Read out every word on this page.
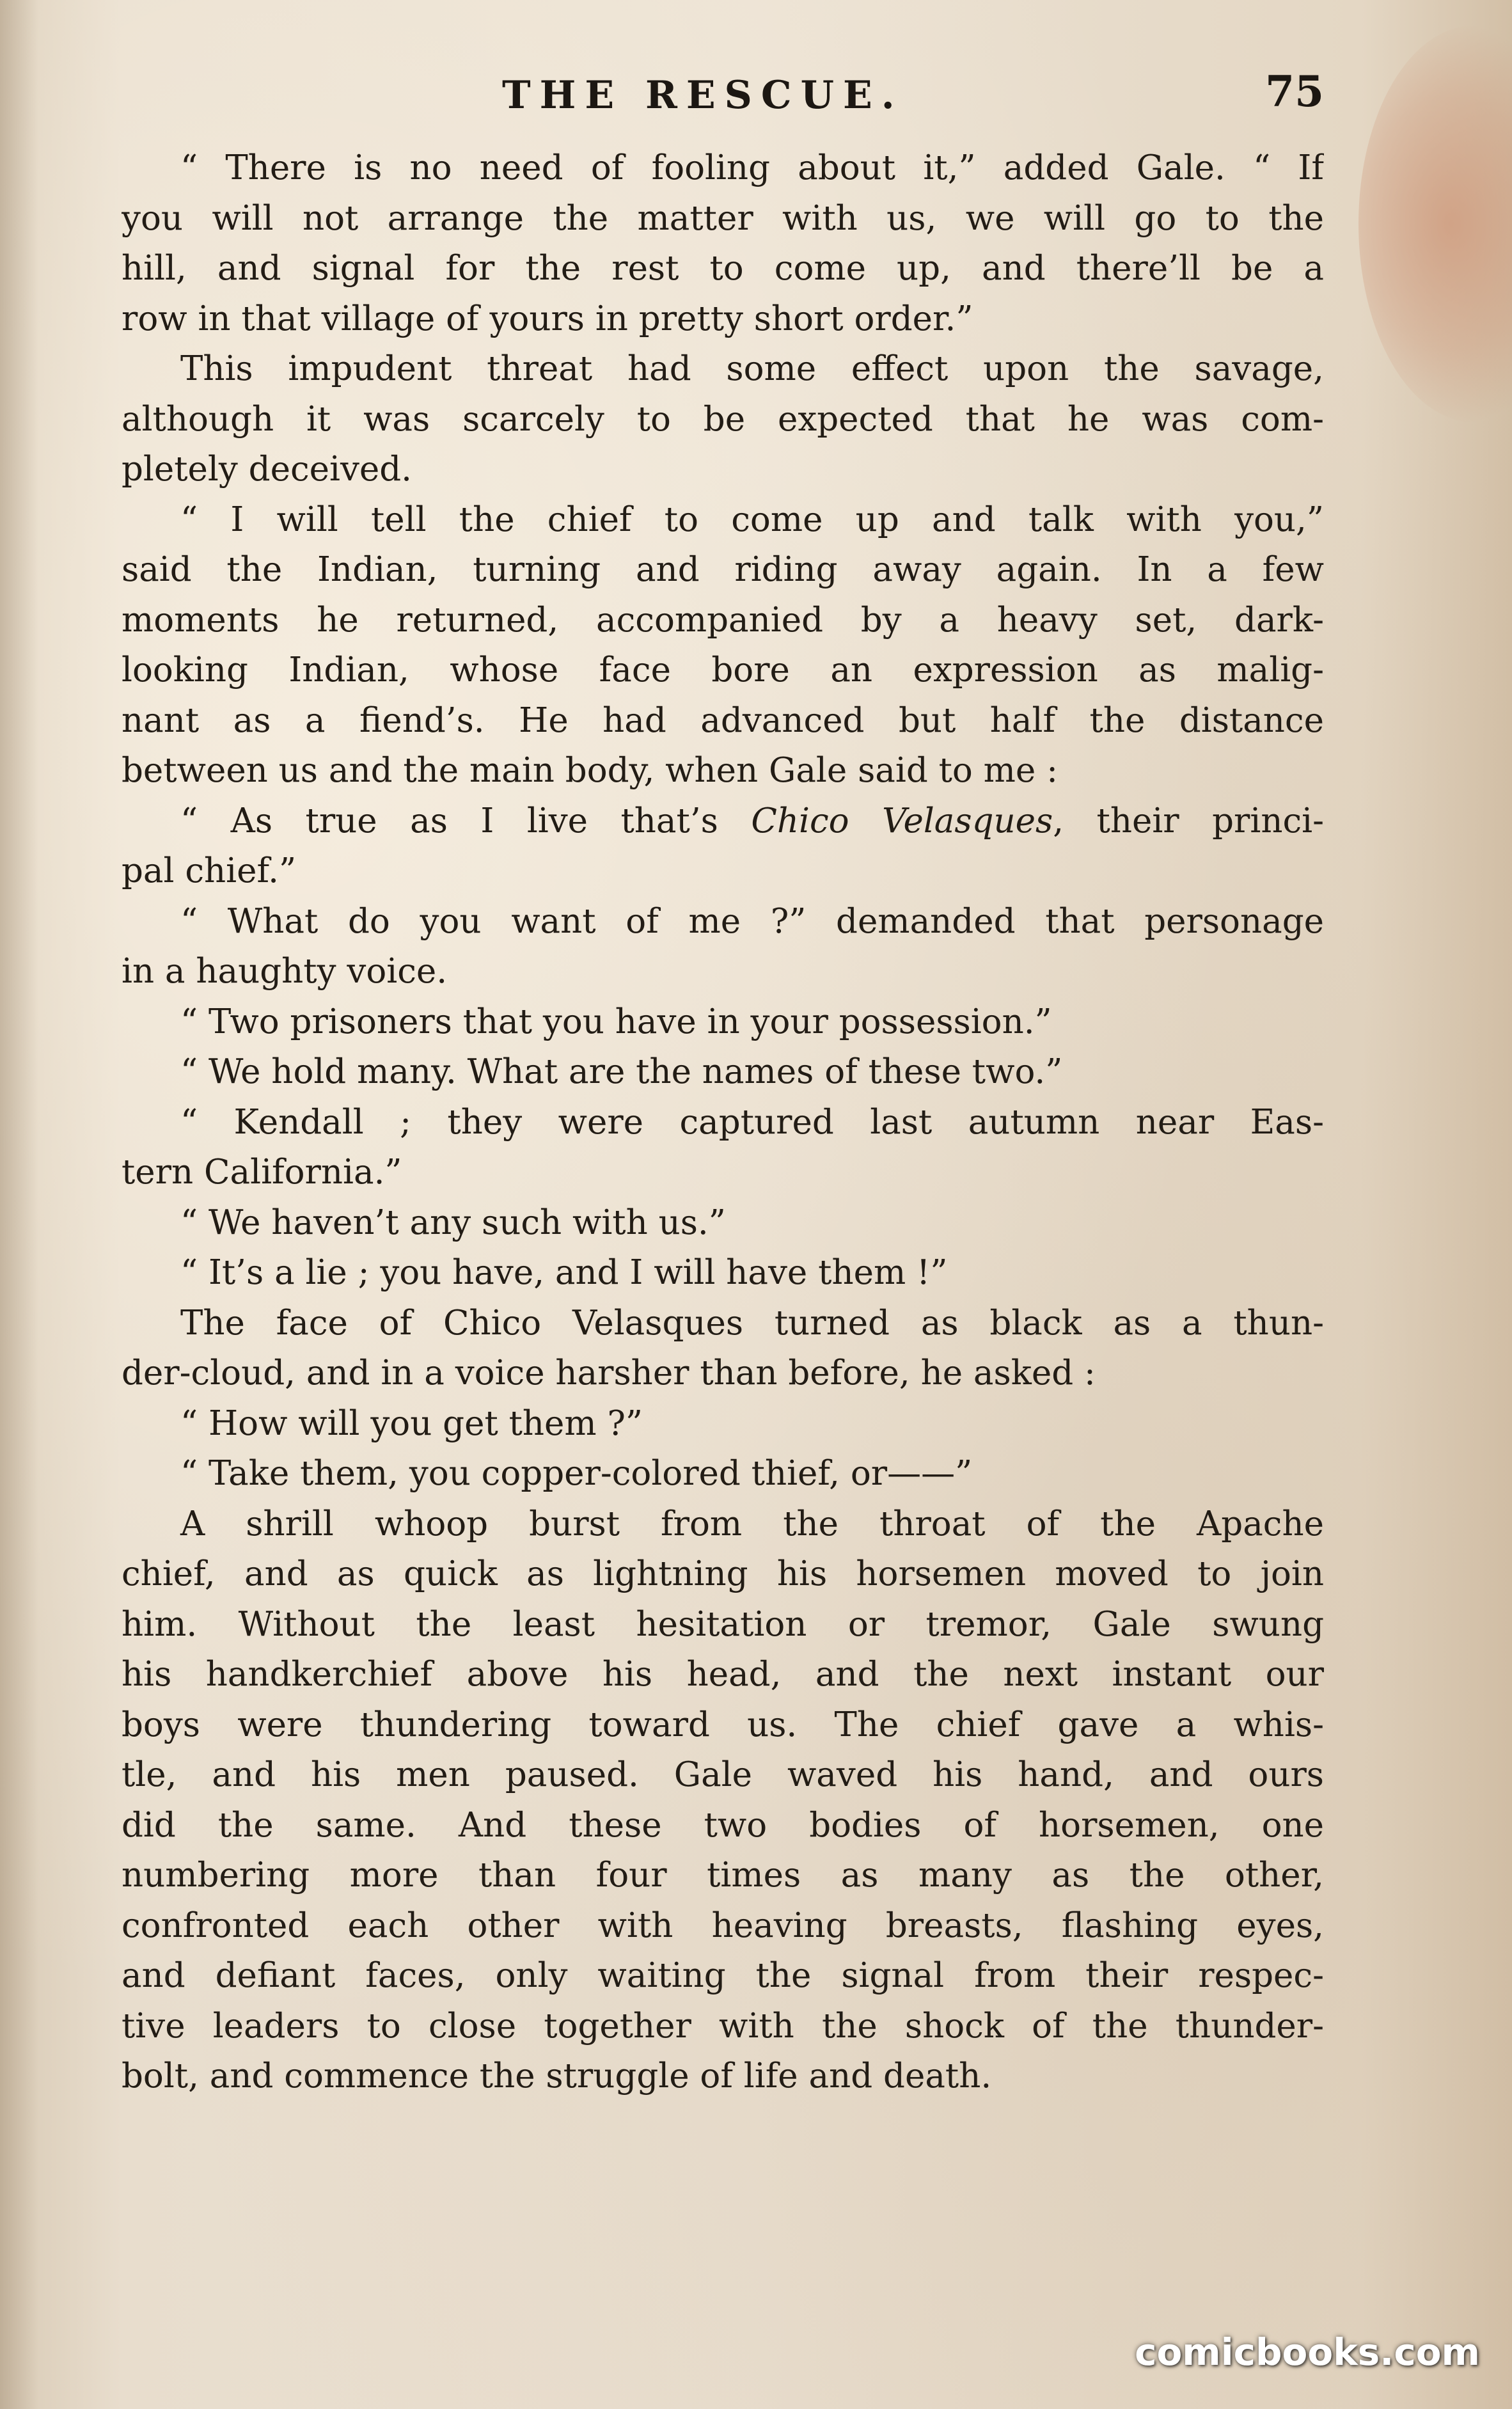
THE RESCUE.	75
“ There is no need of fooling about it,” added Gale. “ If
you will not arrange the matter with us, we will go to the
hill, and signal for the rest to come up, and there’ll be a
row in that village of yours in pretty short order.”
This impudent threat had some effect upon the savage,
although it was scarcely to be expected that he was com-
pletely deceived.
“ I will tell the chief to come up and talk with you,”
said the Indian, turning and riding away again. In a few
moments he returned, accompanied by a heavy set, dark-
looking Indian, whose face bore an expression as malig-
nant as a fiend’s. He had advanced but half the distance
between us and the main body, when Gale said to me :
“ As true as I live that’s Chico Velasques, their princi-
pal chief.”
“ What do you want of me ?” demanded that personage
in a haughty voice.
“ Two prisoners that you have in your possession.”
“ We hold many. What are the names of these two.”
“ Kendall ; they were captured last autumn near Eas-
tern California.”
“ We haven’t any such with us.”
“ It’s a lie ; you have, and I will have them !”
The face of Chico Velasques turned as black as a thun-
der-cloud, and in a voice harsher than before, he asked :
“ How will you get them ?”
“ Take them, you copper-colored thief, or——”
A shrill whoop burst from the throat of the Apache
chief, and as quick as lightning his horsemen moved to join
him. Without the least hesitation or tremor, Gale swung
his handkerchief above his head, and the next instant our
boys were thundering toward us. The chief gave a whis-
tle, and his men paused. Gale waved his hand, and ours
did the same. And these two bodies of horsemen, one
numbering more than four times as many as the other,
confronted each other with heaving breasts, flashing eyes,
and defiant faces, only waiting the signal from their respec-
tive leaders to close together with the shock of the thunder-
bolt, and commence the struggle of life and death.
comicbooks.com
